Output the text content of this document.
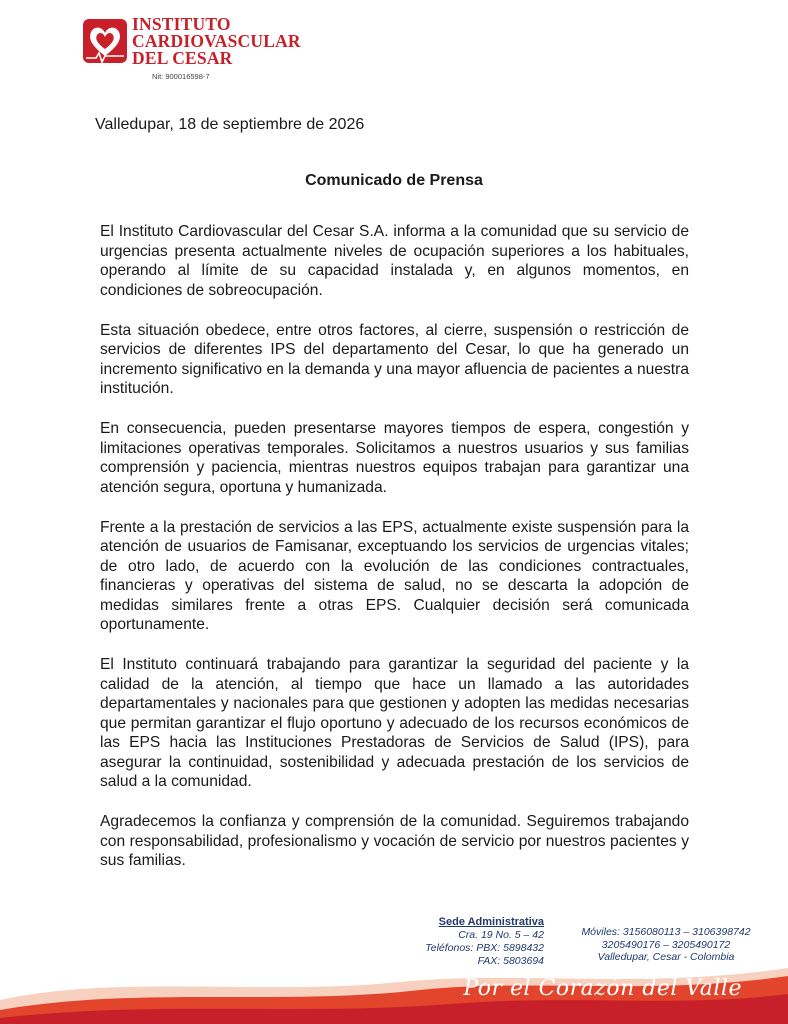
INSTITUTO
CARDIOVASCULAR
DEL CESAR
Nit: 900016598-7
Valledupar, 18 de septiembre de 2026
Comunicado de Prensa

El Instituto Cardiovascular del Cesar S.A. informa a la comunidad que su servicio de urgencias presenta actualmente niveles de ocupación superiores a los habituales, operando al límite de su capacidad instalada y, en algunos momentos, en condiciones de sobreocupación.

Esta situación obedece, entre otros factores, al cierre, suspensión o restricción de servicios de diferentes IPS del departamento del Cesar, lo que ha generado un incremento significativo en la demanda y una mayor afluencia de pacientes a nuestra institución.

En consecuencia, pueden presentarse mayores tiempos de espera, congestión y limitaciones operativas temporales. Solicitamos a nuestros usuarios y sus familias comprensión y paciencia, mientras nuestros equipos trabajan para garantizar una atención segura, oportuna y humanizada.

Frente a la prestación de servicios a las EPS, actualmente existe suspensión para la atención de usuarios de Famisanar, exceptuando los servicios de urgencias vitales; de otro lado, de acuerdo con la evolución de las condiciones contractuales, financieras y operativas del sistema de salud, no se descarta la adopción de medidas similares frente a otras EPS. Cualquier decisión será comunicada oportunamente.

El Instituto continuará trabajando para garantizar la seguridad del paciente y la calidad de la atención, al tiempo que hace un llamado a las autoridades departamentales y nacionales para que gestionen y adopten las medidas necesarias que permitan garantizar el flujo oportuno y adecuado de los recursos económicos de las EPS hacia las Instituciones Prestadoras de Servicios de Salud (IPS), para asegurar la continuidad, sostenibilidad y adecuada prestación de los servicios de salud a la comunidad.

Agradecemos la confianza y comprensión de la comunidad. Seguiremos trabajando con responsabilidad, profesionalismo y vocación de servicio por nuestros pacientes y sus familias.

Sede Administrativa
Cra. 19 No. 5 – 42
Teléfonos: PBX: 5898432
FAX: 5803694
Móviles: 3156080113 – 3106398742
3205490176 – 3205490172
Valledupar, Cesar - Colombia
Por el Corazón del Valle
